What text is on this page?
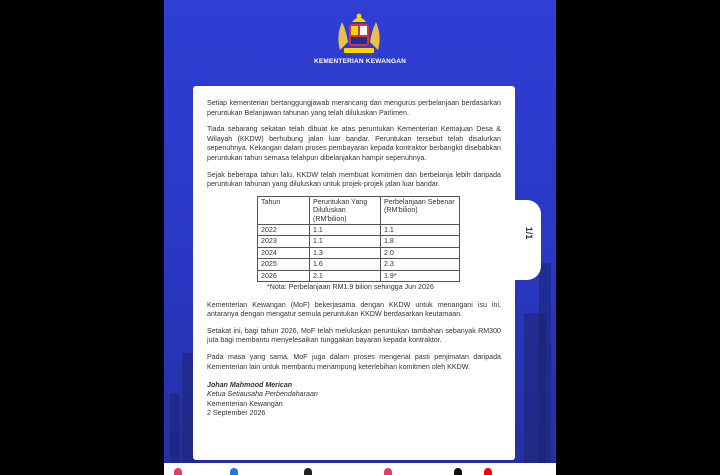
KEMENTERIAN KEWANGAN

Setiap kementerian bertanggungjawab merancang dan mengurus perbelanjaan berdasarkan peruntukan Belanjawan tahunan yang telah diluluskan Parlimen.

Tiada sebarang sekatan telah dibuat ke atas peruntukan Kementerian Kemajuan Desa & Wilayah (KKDW) berhubung jalan luar bandar. Peruntukan tersebut telah disalurkan sepenuhnya. Kekangan dalam proses pembayaran kepada kontraktor berbangkit disebabkan peruntukan tahun semasa telahpun dibelanjakan hampir sepenuhnya.

Sejak beberapa tahun lalu, KKDW telah membuat komitmen dan berbelanja lebih daripada peruntukan tahunan yang diluluskan untuk projek-projek jalan luar bandar.

Tahun	Peruntukan Yang Diluluskan (RM'bilion)	Perbelanjaan Sebenar (RM'bilion)
2022	1.1	1.1
2023	1.1	1.8
2024	1.3	2.0
2025	1.6	2.3
2026	2.1	1.9*
*Nota: Perbelanjaan RM1.9 bilion sehingga Jun 2026

Kementerian Kewangan (MoF) bekerjasama dengan KKDW untuk menangani isu ini, antaranya dengan mengatur semula peruntukan KKDW berdasarkan keutamaan.

Setakat ini, bagi tahun 2026, MoF telah meluluskan peruntukan tambahan sebanyak RM300 juta bagi membantu menyelesaikan tunggakan bayaran kepada kontraktor.

Pada masa yang sama, MoF juga dalam proses mengenal pasti penjimatan daripada Kementerian lain untuk membantu menampung keterlebihan komitmen oleh KKDW.

Johan Mahmood Merican
Ketua Setiausaha Perbendaharaan
Kementerian Kewangan
2 September 2026
1/1
